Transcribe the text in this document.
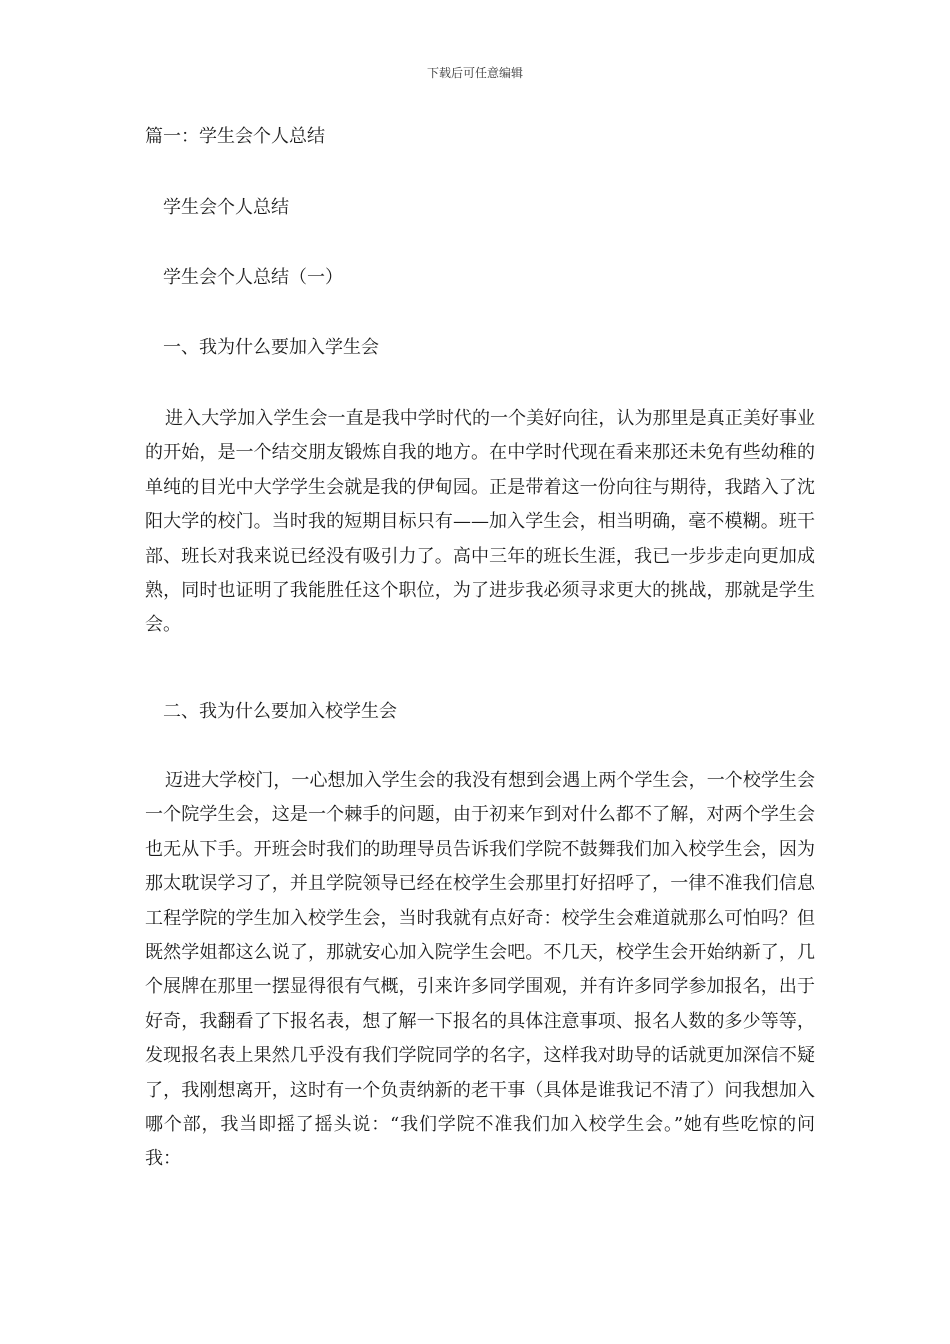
下载后可任意编辑
篇一：学生会个人总结
学生会个人总结
学生会个人总结（一）
一、我为什么要加入学生会

进入大学加入学生会一直是我中学时代的一个美好向往，认为那里是真正美好事业的开始，是一个结交朋友锻炼自我的地方。在中学时代现在看来那还未免有些幼稚的单纯的目光中大学学生会就是我的伊甸园。正是带着这一份向往与期待，我踏入了沈阳大学的校门。当时我的短期目标只有——加入学生会，相当明确，毫不模糊。班干部、班长对我来说已经没有吸引力了。高中三年的班长生涯，我已一步步走向更加成熟，同时也证明了我能胜任这个职位，为了进步我必须寻求更大的挑战，那就是学生会。

二、我为什么要加入校学生会

迈进大学校门，一心想加入学生会的我没有想到会遇上两个学生会，一个校学生会一个院学生会，这是一个棘手的问题，由于初来乍到对什么都不了解，对两个学生会也无从下手。开班会时我们的助理导员告诉我们学院不鼓舞我们加入校学生会，因为那太耽误学习了，并且学院领导已经在校学生会那里打好招呼了，一律不准我们信息工程学院的学生加入校学生会，当时我就有点好奇：校学生会难道就那么可怕吗？但既然学姐都这么说了，那就安心加入院学生会吧。不几天，校学生会开始纳新了，几个展牌在那里一摆显得很有气概，引来许多同学围观，并有许多同学参加报名，出于好奇，我翻看了下报名表，想了解一下报名的具体注意事项、报名人数的多少等等，发现报名表上果然几乎没有我们学院同学的名字，这样我对助导的话就更加深信不疑了，我刚想离开，这时有一个负责纳新的老干事（具体是谁我记不清了）问我想加入哪个部，我当即摇了摇头说：“我们学院不准我们加入校学生会。”她有些吃惊的问我：
